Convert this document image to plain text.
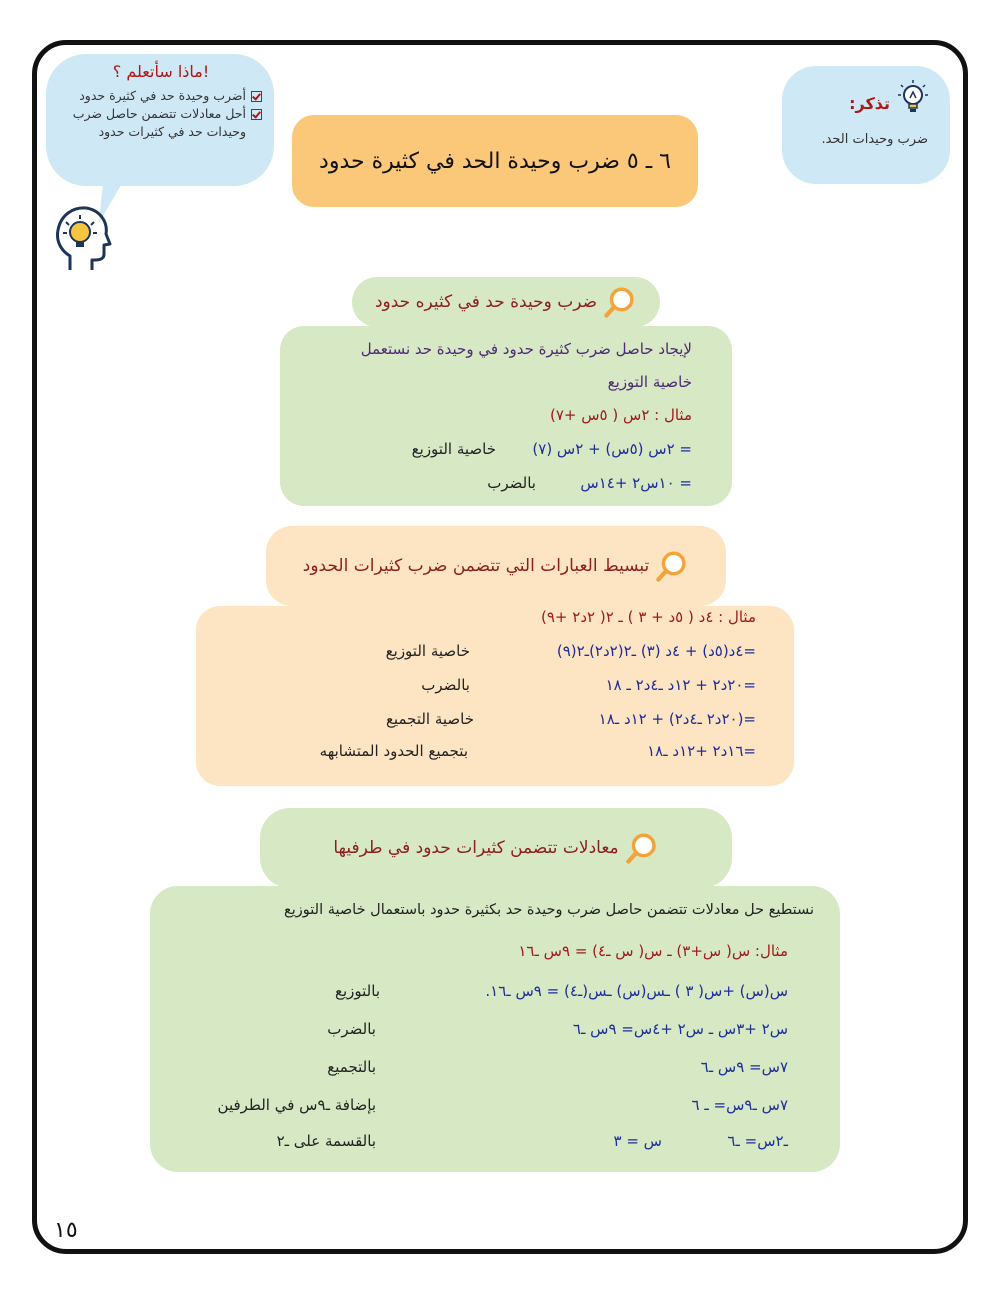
ماذا سأتعلم ؟!
أضرب وحيدة حد في كثيرة حدود
أحل معادلات تتضمن حاصل ضرب وحيدات حد في كثيرات حدود
تذكر:
ضرب وحيدات الحد.
٦ ـ ٥ ضرب وحيدة الحد في كثيرة حدود
ضرب وحيدة حد في كثيره حدود
لإيجاد حاصل ضرب كثيرة حدود في وحيدة حد نستعمل
خاصية التوزيع
مثال : ٢س ( ٥س +٧)
= ٢س (٥س) + ٢س (٧)
خاصية التوزيع
= ١٠س٢ +١٤س
بالضرب
تبسيط العبارات التي تتضمن ضرب كثيرات الحدود
مثال : ٤د ( ٥د + ٣ ) ـ ٢( ٢د٢ +٩)
=٤د(٥د) + ٤د (٣) ـ٢(٢د٢)ـ٢(٩)
خاصية التوزيع
=٢٠د٢ + ١٢د ـ٤د٢ ـ ١٨
بالضرب
=(٢٠د٢ ـ٤د٢) + ١٢د ـ١٨
خاصية التجميع
=١٦د٢ +١٢د ـ١٨
بتجميع الحدود المتشابهه
معادلات تتضمن كثيرات حدود في طرفيها
نستطيع حل معادلات تتضمن حاصل ضرب وحيدة حد بكثيرة حدود باستعمال خاصية التوزيع
مثال: س( س+٣) ـ س( س ـ٤) = ٩س ـ١٦
س(س) +س( ٣ ) ـس(س) ـس(ـ٤) = ٩س ـ١٦.
بالتوزيع
س٢ +٣س ـ س٢ +٤س= ٩س ـ٦
بالضرب
٧س= ٩س ـ٦
بالتجميع
٧س ـ٩س= ـ ٦
بإضافة ـ٩س في الطرفين
ـ٢س= ـ٦
س = ٣
بالقسمة على ـ٢
١٥
